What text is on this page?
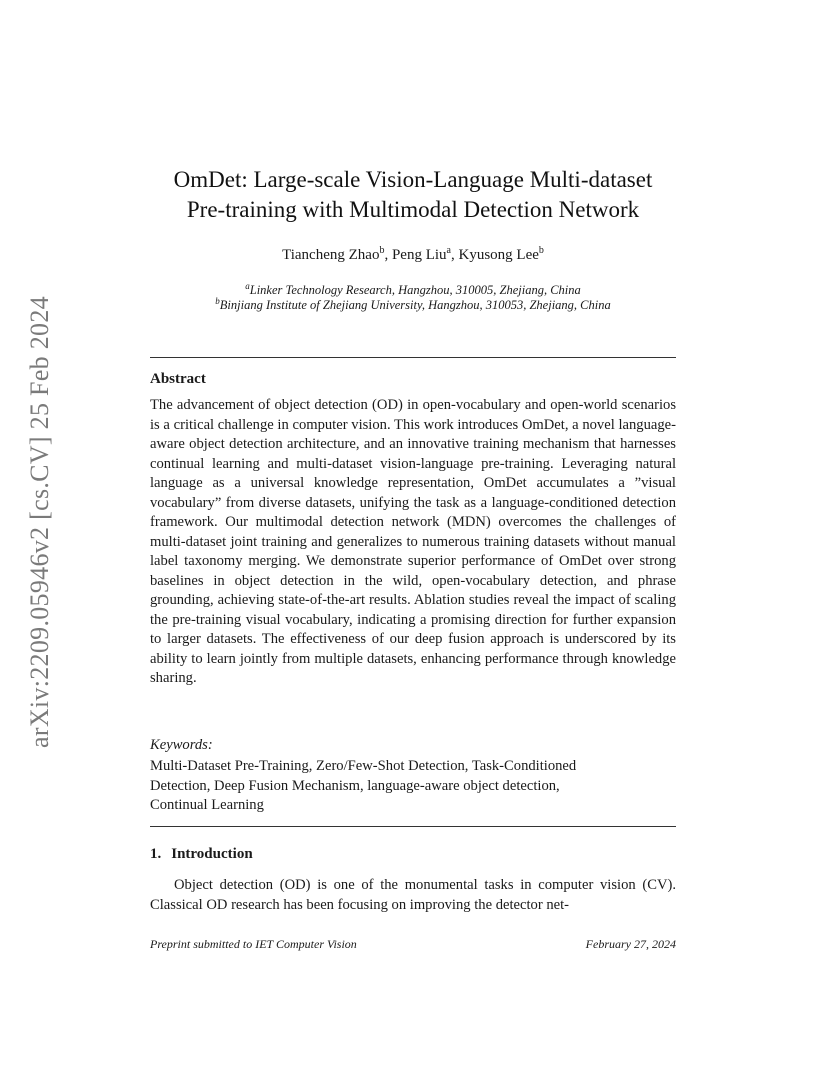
arXiv:2209.05946v2 [cs.CV] 25 Feb 2024
OmDet: Large-scale Vision-Language Multi-dataset
Pre-training with Multimodal Detection Network
Tiancheng Zhao$^b$, Peng Liu$^a$, Kyusong Lee$^b$
$^a$Linker Technology Research, Hangzhou, 310005, Zhejiang, China
$^b$Binjiang Institute of Zhejiang University, Hangzhou, 310053, Zhejiang, China
Abstract
The advancement of object detection (OD) in open-vocabulary and open-world scenarios is a critical challenge in computer vision. This work introduces OmDet, a novel language-aware object detection architecture, and an innovative training mechanism that harnesses continual learning and multi-dataset vision-language pre-training. Leveraging natural language as a universal knowledge representation, OmDet accumulates a ”visual vocabulary” from diverse datasets, unifying the task as a language-conditioned detection framework. Our multimodal detection network (MDN) overcomes the challenges of multi-dataset joint training and generalizes to numerous training datasets without manual label taxonomy merging. We demonstrate superior performance of OmDet over strong baselines in object detection in the wild, open-vocabulary detection, and phrase grounding, achieving state-of-the-art results. Ablation studies reveal the impact of scaling the pre-training visual vocabulary, indicating a promising direction for further expansion to larger datasets. The effectiveness of our deep fusion approach is underscored by its ability to learn jointly from multiple datasets, enhancing performance through knowledge sharing.
Keywords:
Multi-Dataset Pre-Training, Zero/Few-Shot Detection, Task-Conditioned
Detection, Deep Fusion Mechanism, language-aware object detection,
Continual Learning
1. Introduction
Object detection (OD) is one of the monumental tasks in computer vision (CV). Classical OD research has been focusing on improving the detector net-
Preprint submitted to IET Computer Vision	February 27, 2024
